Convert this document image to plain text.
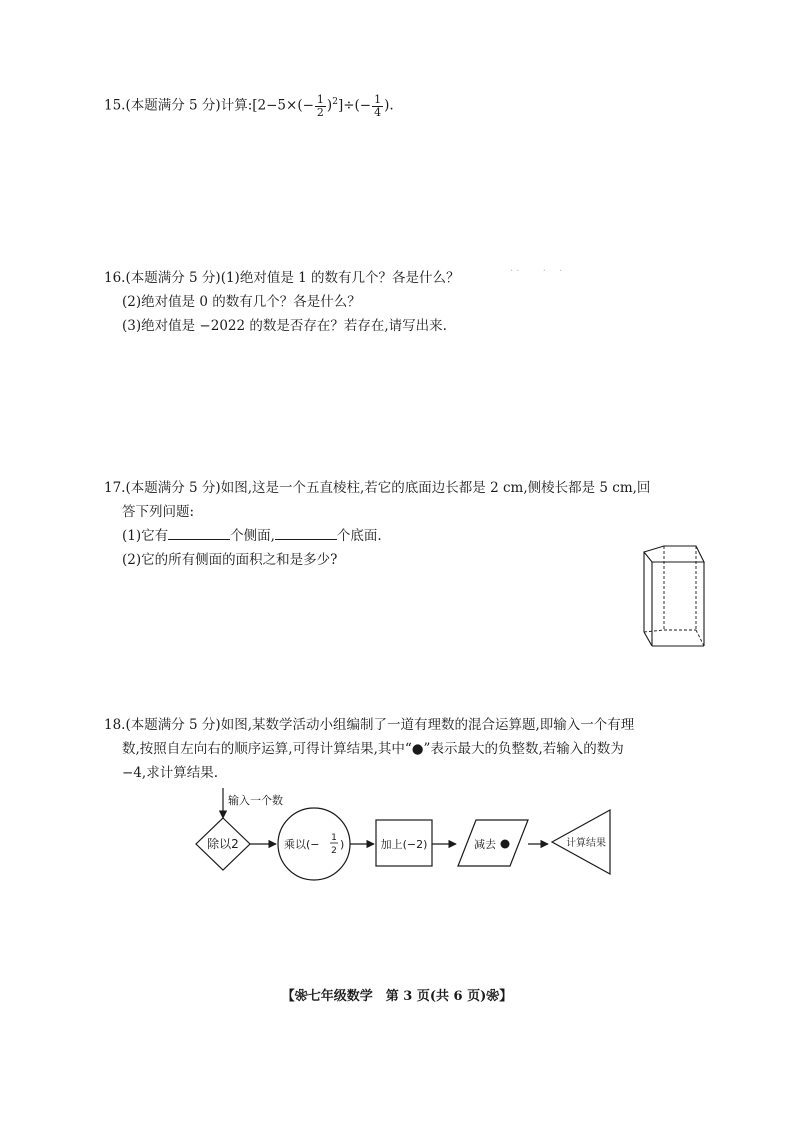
15.(本题满分 5 分)计算:[2−5×(− $\frac{1}{2} )^2]\div(- \frac{1}{4}$ ).
· ·　　 ·　 ·
16.(本题满分 5 分)(1)绝对值是 1 的数有几个？各是什么？
(2)绝对值是 0 的数有几个？各是什么？
(3)绝对值是 −2022 的数是否存在？若存在,请写出来.
17.(本题满分 5 分)如图,这是一个五直棱柱,若它的底面边长都是 2 cm,侧棱长都是 5 cm,回
答下列问题:
(1)它有	个侧面,	个底面.
(2)它的所有侧面的面积之和是多少?
18.(本题满分 5 分)如图,某数学活动小组编制了一道有理数的混合运算题,即输入一个有理
数,按照自左向右的顺序运算,可得计算结果,其中“●”表示最大的负整数,若输入的数为
−4,求计算结果.
输入一个数
除以2	乘以(− 1
2 )	加上(−2)	减去	计算结果
【❀七年级数学　第 3 页(共 6 页)❀】
